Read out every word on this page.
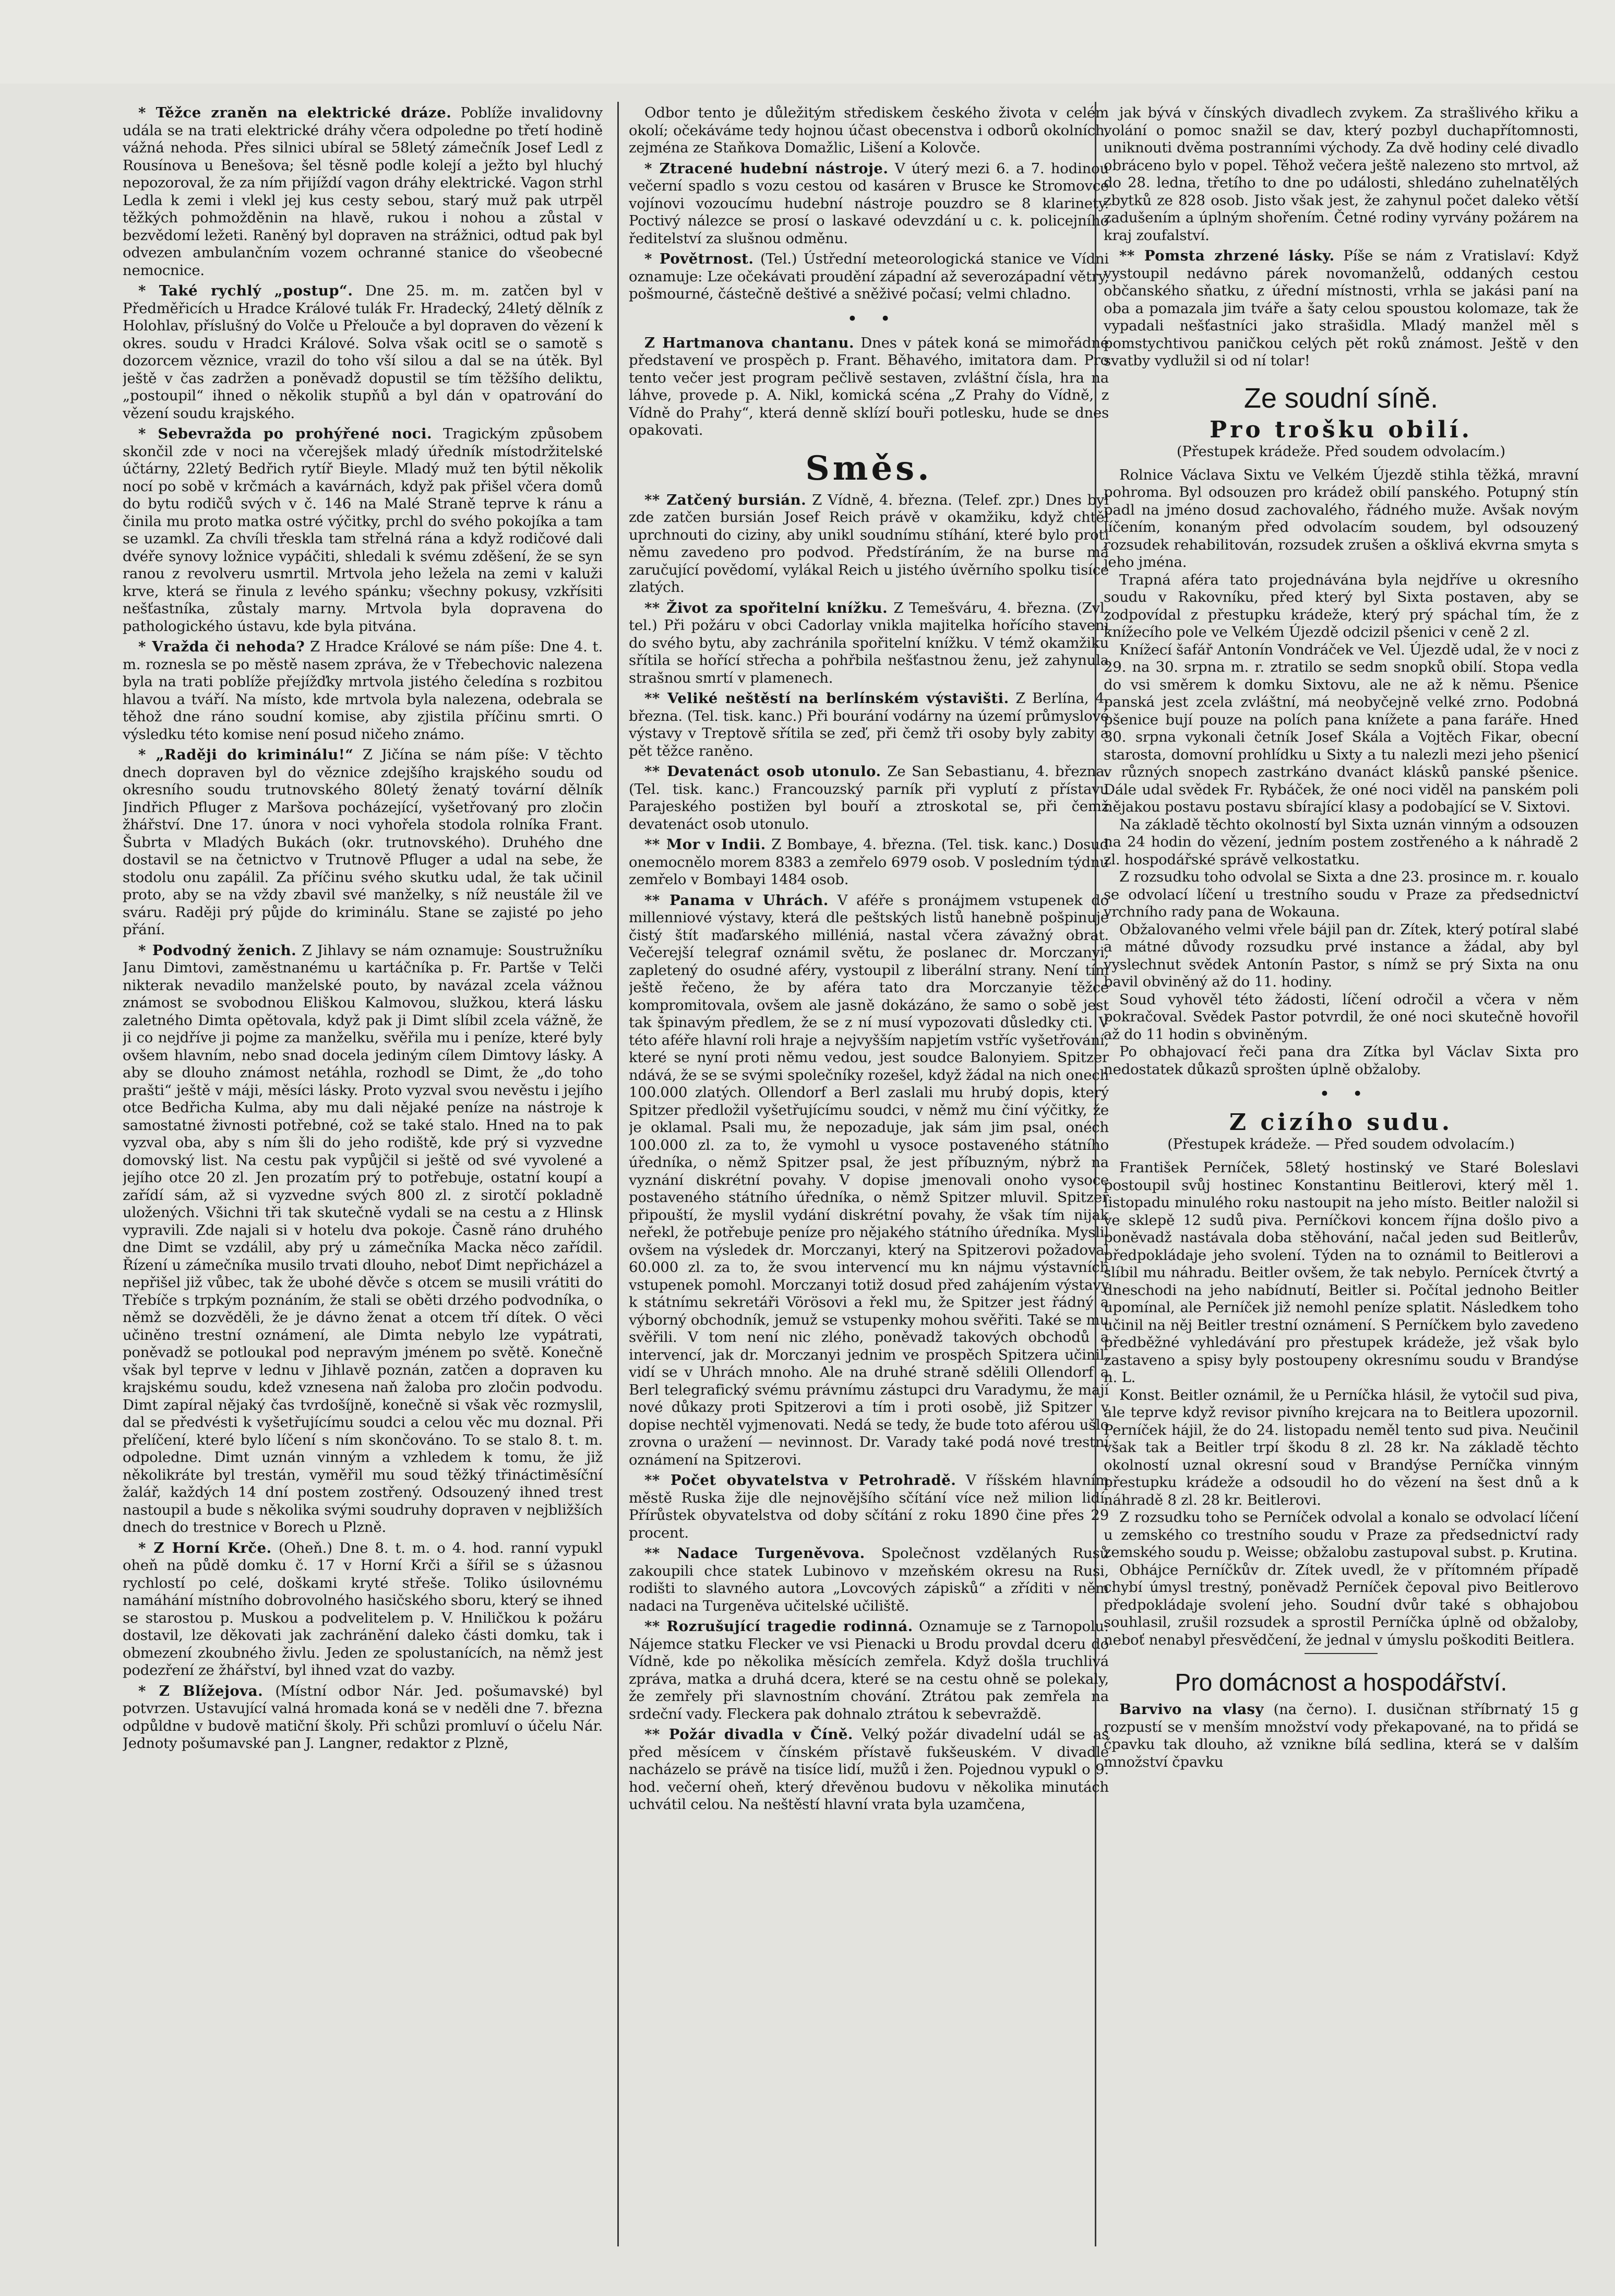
* Těžce zraněn na elektrické dráze. Poblíže invalidovny udála se na trati elektrické dráhy včera odpoledne po třetí hodině vážná nehoda. Přes silnici ubíral se 58letý zámečník Josef Ledl z Rousínova u Benešova; šel těsně podle kolejí a ježto byl hluchý nepozoroval, že za ním přijíždí vagon dráhy elektrické. Vagon strhl Ledla k zemi i vlekl jej kus cesty sebou, starý muž pak utrpěl těžkých pohmožděnin na hlavě, rukou i nohou a zůstal v bezvědomí ležeti. Raněný byl dopraven na strážnici, odtud pak byl odvezen ambulančním vozem ochranné stanice do všeobecné nemocnice.

* Také rychlý „postup“. Dne 25. m. m. zatčen byl v Předměřicích u Hradce Králové tulák Fr. Hradecký, 24letý dělník z Holohlav, příslušný do Volče u Přelouče a byl dopraven do vězení k okres. soudu v Hradci Králové. Solva však ocitl se o samotě s dozorcem věznice, vrazil do toho vší silou a dal se na útěk. Byl ještě v čas zadržen a poněvadž dopustil se tím těžšího deliktu, „postoupil“ ihned o několik stupňů a byl dán v opatrování do vězení soudu krajského.

* Sebevražda po prohýřené noci. Tragickým způsobem skončil zde v noci na včerejšek mladý úředník místodržitelské účtárny, 22letý Bedřich rytíř Bieyle. Mladý muž ten býtil několik nocí po sobě v krčmách a kavárnách, když pak přišel včera domů do bytu rodičů svých v č. 146 na Malé Straně teprve k ránu a činila mu proto matka ostré výčitky, prchl do svého pokojíka a tam se uzamkl. Za chvíli třeskla tam střelná rána a když rodičové dali dvéře synovy ložnice vypáčiti, shledali k svému zděšení, že se syn ranou z revolveru usmrtil. Mrtvola jeho ležela na zemi v kaluži krve, která se řinula z levého spánku; všechny pokusy, vzkřísiti nešťastníka, zůstaly marny. Mrtvola byla dopravena do pathologického ústavu, kde byla pitvána.

* Vražda či nehoda? Z Hradce Králové se nám píše: Dne 4. t. m. roznesla se po městě nasem zpráva, že v Třebechovic nalezena byla na trati poblíže přejížďky mrtvola jistého čeledína s rozbitou hlavou a tváří. Na místo, kde mrtvola byla nalezena, odebrala se těhož dne ráno soudní komise, aby zjistila příčinu smrti. O výsledku této komise není posud ničeho známo.

* „Raději do kriminálu!“ Z Jičína se nám píše: V těchto dnech dopraven byl do věznice zdejšího krajského soudu od okresního soudu trutnovského 80letý ženatý tovární dělník Jindřich Pfluger z Maršova pocházející, vyšetřovaný pro zločin žhářství. Dne 17. února v noci vyhořela stodola rolníka Frant. Šubrta v Mladých Bukách (okr. trutnovského). Druhého dne dostavil se na četnictvo v Trutnově Pfluger a udal na sebe, že stodolu onu zapálil. Za příčinu svého skutku udal, že tak učinil proto, aby se na vždy zbavil své manželky, s níž neustále žil ve sváru. Raději prý půjde do kriminálu. Stane se zajisté po jeho přání.

* Podvodný ženich. Z Jihlavy se nám oznamuje: Soustružníku Janu Dimtovi, zaměstnanému u kartáčníka p. Fr. Partše v Telči nikterak nevadilo manželské pouto, by navázal zcela vážnou známost se svobodnou Eliškou Kalmovou, služkou, která lásku zaletného Dimta opětovala, když pak ji Dimt slíbil zcela vážně, že ji co nejdříve ji pojme za manželku, svěřila mu i peníze, které byly ovšem hlavním, nebo snad docela jediným cílem Dimtovy lásky. A aby se dlouho známost netáhla, rozhodl se Dimt, že „do toho prašti“ ještě v máji, měsíci lásky. Proto vyzval svou nevěstu i jejího otce Bedřicha Kulma, aby mu dali nějaké peníze na nástroje k samostatné živnosti potřebné, což se také stalo. Hned na to pak vyzval oba, aby s ním šli do jeho rodiště, kde prý si vyzvedne domovský list. Na cestu pak vypůjčil si ještě od své vyvolené a jejího otce 20 zl. Jen prozatím prý to potřebuje, ostatní koupí a zařídí sám, až si vyzvedne svých 800 zl. z sirotčí pokladně uložených. Všichni tři tak skutečně vydali se na cestu a z Hlinsk vypravili. Zde najali si v hotelu dva pokoje. Časně ráno druhého dne Dimt se vzdálil, aby prý u zámečníka Macka něco zařídil. Řízení u zámečníka musilo trvati dlouho, neboť Dimt nepřicházel a nepřišel již vůbec, tak že ubohé děvče s otcem se musili vrátiti do Třebíče s trpkým poznáním, že stali se oběti drzého podvodníka, o němž se dozvěděli, že je dávno ženat a otcem tří dítek. O věci učiněno trestní oznámení, ale Dimta nebylo lze vypátrati, poněvadž se potloukal pod nepravým jménem po světě. Konečně však byl teprve v lednu v Jihlavě poznán, zatčen a dopraven ku krajskému soudu, kdež vznesena naň žaloba pro zločin podvodu. Dimt zapíral nějaký čas tvrdošíjně, konečně si však věc rozmyslil, dal se předvésti k vyšetřujícímu soudci a celou věc mu doznal. Při přelíčení, které bylo líčení s ním skončováno. To se stalo 8. t. m. odpoledne. Dimt uznán vinným a vzhledem k tomu, že již několikráte byl trestán, vyměřil mu soud těžký třináctiměsíční žalář, každých 14 dní postem zostřený. Odsouzený ihned trest nastoupil a bude s několika svými soudruhy dopraven v nejbližších dnech do trestnice v Borech u Plzně.

* Z Horní Krče. (Oheň.) Dne 8. t. m. o 4. hod. ranní vypukl oheň na půdě domku č. 17 v Horní Krči a šířil se s úžasnou rychlostí po celé, doškami kryté střeše. Toliko úsilovnému namáhání místního dobrovolného hasičského sboru, který se ihned se starostou p. Muskou a podvelitelem p. V. Hniličkou k požáru dostavil, lze děkovati jak zachránění daleko části domku, tak i obmezení zkoubného živlu. Jeden ze spolustanících, na němž jest podezření ze žhářství, byl ihned vzat do vazby.

* Z Blížejova. (Místní odbor Nár. Jed. pošumavské) byl potvrzen. Ustavující valná hromada koná se v neděli dne 7. března odpůldne v budově matiční školy. Při schůzi promluví o účelu Nár. Jednoty pošumavské pan J. Langner, redaktor z Plzně,

Odbor tento je důležitým střediskem českého života v celém okolí; očekáváme tedy hojnou účast obecenstva i odborů okolních, zejména ze Staňkova Domažlic, Lišení a Kolovče.

* Ztracené hudební nástroje. V úterý mezi 6. a 7. hodinou večerní spadlo s vozu cestou od kasáren v Brusce ke Stromovce vojínovi vozoucímu hudební nástroje pouzdro se 8 klarinety. Poctivý nálezce se prosí o laskavé odevzdání u c. k. policejního ředitelství za slušnou odměnu.

* Povětrnost. (Tel.) Ústřední meteorologická stanice ve Vídni oznamuje: Lze očekávati proudění západní až severozápadní větry, pošmourné, částečně deštivé a sněživé počasí; velmi chladno.

•    •

Z Hartmanova chantanu. Dnes v pátek koná se mimořádné představení ve prospěch p. Frant. Běhavého, imitatora dam. Pro tento večer jest program pečlivě sestaven, zvláštní čísla, hra na láhve, provede p. A. Nikl, komická scéna „Z Prahy do Vídně, z Vídně do Prahy“, která denně sklízí bouři potlesku, hude se dnes opakovati.

Směs.

** Zatčený bursián. Z Vídně, 4. března. (Telef. zpr.) Dnes byl zde zatčen bursián Josef Reich právě v okamžiku, když chtěl uprchnouti do ciziny, aby unikl soudnímu stíhání, které bylo proti němu zavedeno pro podvod. Předstíráním, že na burse má zaručující povědomí, vylákal Reich u jistého úvěrního spolku tisíce zlatých.

** Život za spořitelní knížku. Z Temešváru, 4. března. (Zvl. tel.) Při požáru v obci Cadorlay vnikla majitelka hořícího stavení do svého bytu, aby zachránila spořitelní knížku. V témž okamžiku sřítila se hořící střecha a pohřbila nešťastnou ženu, jež zahynula strašnou smrtí v plamenech.

** Veliké neštěstí na berlínském výstavišti. Z Berlína, 4. března. (Tel. tisk. kanc.) Při bourání vodárny na území průmyslové výstavy v Treptově sřítila se zeď, při čemž tři osoby byly zabity a pět těžce raněno.

** Devatenáct osob utonulo. Ze San Sebastianu, 4. března. (Tel. tisk. kanc.) Francouzský parník při vyplutí z přístavu Parajeského postižen byl bouří a ztroskotal se, při čemž devatenáct osob utonulo.

** Mor v Indii. Z Bombaye, 4. března. (Tel. tisk. kanc.) Dosud onemocnělo morem 8383 a zemřelo 6979 osob. V posledním týdnu zemřelo v Bombayi 1484 osob.

** Panama v Uhrách. V aféře s pronájmem vstupenek do millenniové výstavy, která dle peštských listů hanebně pošpinuje čistý štít maďarského milléniá, nastal včera závažný obrat. Večerejší telegraf oznámil světu, že poslanec dr. Morczanyi, zapletený do osudné aféry, vystoupil z liberální strany. Není tím ještě řečeno, že by aféra tato dra Morczanyie těžce kompromitovala, ovšem ale jasně dokázáno, že samo o sobě jest tak špinavým předlem, že se z ní musí vypozovati důsledky cti. V této aféře hlavní roli hraje a nejvyšším napjetím vstříc vyšetřování, které se nyní proti němu vedou, jest soudce Balonyiem. Spitzer ndává, že se se svými společníky rozešel, když žádal na nich onech 100.000 zlatých. Ollendorf a Berl zaslali mu hrubý dopis, který Spitzer předložil vyšetřujícímu soudci, v němž mu činí výčitky, že je oklamal. Psali mu, že nepozaduje, jak sám jim psal, onéch 100.000 zl. za to, že vymohl u vysoce postaveného státního úředníka, o němž Spitzer psal, že jest příbuzným, nýbrž na vyznání diskrétní povahy. V dopise jmenovali onoho vysoce postaveného státního úředníka, o němž Spitzer mluvil. Spitzer připouští, že myslil vydání diskrétní povahy, že však tím nijak neřekl, že potřebuje peníze pro nějakého státního úředníka. Myslil ovšem na výsledek dr. Morczanyi, který na Spitzerovi požadoval 60.000 zl. za to, že svou intervencí mu kn nájmu výstavních vstupenek pomohl. Morczanyi totiž dosud před zahájením výstavy k státnímu sekretáři Vörösovi a řekl mu, že Spitzer jest řádný a výborný obchodník, jemuž se vstupenky mohou svěřiti. Také se mu svěřili. V tom není nic zlého, poněvadž takových obchodů a intervencí, jak dr. Morczanyi jednim ve prospěch Spitzera učinil, vidí se v Uhrách mnoho. Ale na druhé straně sdělili Ollendorf a Berl telegrafický svému právnímu zástupci dru Varadymu, že mají nové důkazy proti Spitzerovi a tím i proti osobě, již Spitzer v dopise nechtěl vyjmenovati. Nedá se tedy, že bude toto aférou ušlo zrovna o uražení — nevinnost. Dr. Varady také podá nové trestní oznámení na Spitzerovi.

** Počet obyvatelstva v Petrohradě. V říšském hlavním městě Ruska žije dle nejnovějšího sčítání více než milion lidí. Přírůstek obyvatelstva od doby sčítání z roku 1890 čine přes 29 procent.

** Nadace Turgeněvova. Společnost vzdělaných Rusů zakoupili chce statek Lubinovo v mzeňském okresu na Rusi, rodišti to slavného autora „Lovcových zápisků“ a zříditi v něm nadaci na Turgeněva učitelské učiliště.

** Rozrušující tragedie rodinná. Oznamuje se z Tarnopolu: Nájemce statku Flecker ve vsi Pienacki u Brodu provdal dceru do Vídně, kde po několika měsících zemřela. Když došla truchlivá zpráva, matka a druhá dcera, které se na cestu ohně se polekaly, že zemřely při slavnostním chování. Ztrátou pak zemřela na srdeční vady. Fleckera pak dohnalo ztrátou k sebevraždě.

** Požár divadla v Číně. Velký požár divadelní udál se as před měsícem v čínském přístavě fukšeuském. V divadle nacházelo se právě na tisíce lidí, mužů i žen. Pojednou vypukl o 9. hod. večerní oheň, který dřevěnou budovu v několika minutách uchvátil celou. Na neštěstí hlavní vrata byla uzamčena,

jak bývá v čínských divadlech zvykem. Za strašlivého křiku a volání o pomoc snažil se dav, který pozbyl duchapřítomnosti, uniknouti dvěma postranními východy. Za dvě hodiny celé divadlo obráceno bylo v popel. Těhož večera ještě nalezeno sto mrtvol, až do 28. ledna, třetího to dne po události, shledáno zuhelnatělých zbytků ze 828 osob. Jisto však jest, že zahynul počet daleko větší zadušením a úplným shořením. Četné rodiny vyrvány požárem na kraj zoufalství.

** Pomsta zhrzené lásky. Píše se nám z Vratislaví: Když vystoupil nedávno párek novomanželů, oddaných cestou občanského sňatku, z úřední místnosti, vrhla se jakási paní na oba a pomazala jim tváře a šaty celou spoustou kolomaze, tak že vypadali nešťastníci jako strašidla. Mladý manžel měl s pomstychtivou paničkou celých pět roků známost. Ještě v den svatby vydlužil si od ní tolar!

Ze soudní síně.
Pro trošku obilí.
(Přestupek krádeže. Před soudem odvolacím.)

Rolnice Václava Sixtu ve Velkém Újezdě stihla těžká, mravní pohroma. Byl odsouzen pro krádež obilí panského. Potupný stín padl na jméno dosud zachovalého, řádného muže. Avšak novým líčením, konaným před odvolacím soudem, byl odsouzený rozsudek rehabilitován, rozsudek zrušen a ošklivá ekvrna smyta s jeho jména.

Trapná aféra tato projednávána byla nejdříve u okresního soudu v Rakovníku, před který byl Sixta postaven, aby se zodpovídal z přestupku krádeže, který prý spáchal tím, že z knížecího pole ve Velkém Újezdě odcizil pšenici v ceně 2 zl.

Knížecí šafář Antonín Vondráček ve Vel. Újezdě udal, že v noci z 29. na 30. srpna m. r. ztratilo se sedm snopků obilí. Stopa vedla do vsi směrem k domku Sixtovu, ale ne až k němu. Pšenice panská jest zcela zvláštní, má neobyčejně velké zrno. Podobná pšenice bují pouze na polích pana knížete a pana faráře. Hned 30. srpna vykonali četník Josef Skála a Vojtěch Fikar, obecní starosta, domovní prohlídku u Sixty a tu nalezli mezi jeho pšenicí v různých snopech zastrkáno dvanáct klásků panské pšenice. Dále udal svědek Fr. Rybáček, že oné noci viděl na panském poli nějakou postavu postavu sbírající klasy a podobající se V. Sixtovi.

Na základě těchto okolností byl Sixta uznán vinným a odsouzen na 24 hodin do vězení, jedním postem zostřeného a k náhradě 2 zl. hospodářské správě velkostatku.

Z rozsudku toho odvolal se Sixta a dne 23. prosince m. r. koualo se odvolací líčení u trestního soudu v Praze za předsednictví vrchního rady pana de Wokauna.

Obžalovaného velmi vřele bájil pan dr. Zítek, který potíral slabé a mátné důvody rozsudku prvé instance a žádal, aby byl vyslechnut svědek Antonín Pastor, s nímž se prý Sixta na onu bavil obviněný až do 11. hodiny.

Soud vyhověl této žádosti, líčení odročil a včera v něm pokračoval. Svědek Pastor potvrdil, že oné noci skutečně hovořil až do 11 hodin s obviněným.

Po obhajovací řeči pana dra Zítka byl Václav Sixta pro nedostatek důkazů sprošten úplně obžaloby.

•    •
Z cizího sudu.
(Přestupek krádeže. — Před soudem odvolacím.)

František Perníček, 58letý hostinský ve Staré Boleslavi postoupil svůj hostinec Konstantinu Beitlerovi, který měl 1. listopadu minulého roku nastoupit na jeho místo. Beitler naložil si ve sklepě 12 sudů piva. Perníčkovi koncem října došlo pivo a poněvadž nastávala doba stěhování, načal jeden sud Beitlerův, předpokládaje jeho svolení. Týden na to oznámil to Beitlerovi a slíbil mu náhradu. Beitler ovšem, že tak nebylo. Pernícek čtvrtý a dneschodi na jeho nabídnutí, Beitler si. Počítal jednoho Beitler upomínal, ale Perníček již nemohl peníze splatit. Následkem toho učinil na něj Beitler trestní oznámení. S Perníčkem bylo zavedeno předběžné vyhledávání pro přestupek krádeže, jež však bylo zastaveno a spisy byly postoupeny okresnímu soudu v Brandýse n. L.

Konst. Beitler oznámil, že u Perníčka hlásil, že vytočil sud piva, ale teprve když revisor pivního krejcara na to Beitlera upozornil. Perníček hájil, že do 24. listopadu neměl tento sud piva. Neučinil však tak a Beitler trpí škodu 8 zl. 28 kr. Na základě těchto okolností uznal okresní soud v Brandýse Perníčka vinným přestupku krádeže a odsoudil ho do vězení na šest dnů a k náhradě 8 zl. 28 kr. Beitlerovi.

Z rozsudku toho se Perníček odvolal a konalo se odvolací líčení u zemského co trestního soudu v Praze za předsednictví rady zemského soudu p. Weisse; obžalobu zastupoval subst. p. Krutina.

Obhájce Perníčkův dr. Zítek uvedl, že v přítomném případě chybí úmysl trestný, poněvadž Perníček čepoval pivo Beitlerovo předpokládaje svolení jeho. Soudní dvůr také s obhajobou souhlasil, zrušil rozsudek a sprostil Perníčka úplně od obžaloby, neboť nenabyl přesvědčení, že jednal v úmyslu poškoditi Beitlera.

Pro domácnost a hospodářství.

Barvivo na vlasy (na černo). I. dusičnan stříbrnatý 15 g rozpustí se v menším množství vody překapované, na to přidá se čpavku tak dlouho, až vznikne bílá sedlina, která se v dalším množství čpavku
